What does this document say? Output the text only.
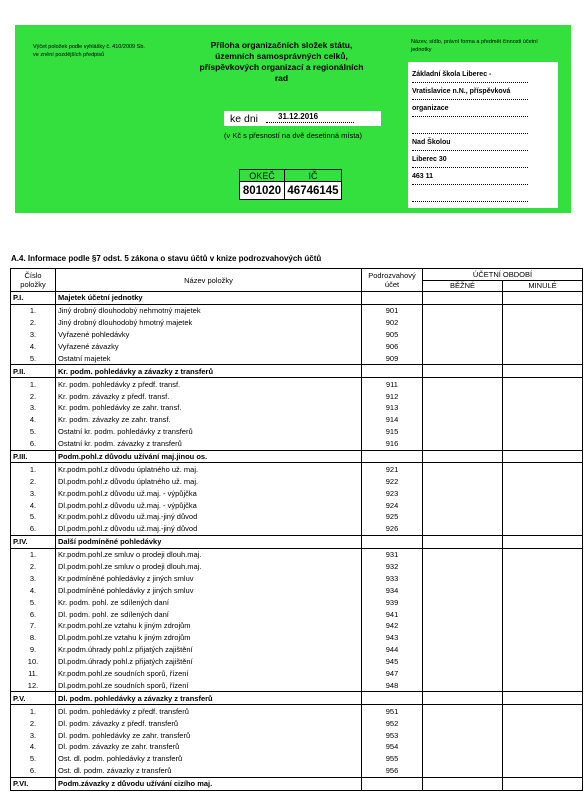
Výčet položek podle vyhlášky č. 410/2009 Sb. ve znění pozdějších předpisů
Příloha organizačních složek státu, územních samosprávných celků, příspěvkových organizací a regionálních rad
ke dni 31.12.2016
(v Kč s přesností na dvě desetinná místa)
OKEČ	IČ
801020	46746145
Název, sídlo, právní forma a předmět činnosti účetní jednotky
Základní škola Liberec -
Vratislavice n.N., příspěvková
organizace
Nad Školou
Liberec 30
463 11
A.4. Informace podle §7 odst. 5 zákona o stavu účtů v knize podrozvahových účtů
Číslo položky	Název položky	Podrozvahový účet	ÚČETNÍ OBDOBÍ	
			BĚŽNÉ	MINULÉ
P.I.	Majetek účetní jednotky			
1.	Jiný drobný dlouhodobý nehmotný majetek	901		
2.	Jiný drobný dlouhodobý hmotný majetek	902		
3.	Vyřazené pohledávky	905		
4.	Vyřazené závazky	906		
5.	Ostatní majetek	909		
P.II.	Kr. podm. pohledávky a závazky z transferů			
1.	Kr. podm. pohledávky z předf. transf.	911		
2.	Kr. podm. závazky z předf. transf.	912		
3.	Kr. podm. pohledávky ze zahr. transf.	913		
4.	Kr. podm. závazky ze zahr. transf.	914		
5.	Ostatní kr. podm. pohledávky z transferů	915		
6.	Ostatní kr. podm. závazky z transferů	916		
P.III.	Podm.pohl.z důvodu užívání maj.jinou os.			
1.	Kr.podm.pohl.z důvodu úplatného už. maj.	921		
2.	Dl.podm.pohl.z důvodu úplatného už. maj.	922		
3.	Kr.podm.pohl.z důvodu už.maj. - výpůjčka	923		
4.	Dl.podm.pohl.z důvodu už.maj. - výpůjčka	924		
5.	Kr.podm.pohl.z důvodu už.maj.-jiný důvod	925		
6.	Dl.podm.pohl.z důvodu už.maj.-jiný důvod	926		
P.IV.	Další podmíněné pohledávky			
1.	Kr.podm.pohl.ze smluv o prodeji dlouh.maj.	931		
2.	Dl.podm.pohl.ze smluv o prodeji dlouh.maj.	932		
3.	Kr.podmíněné pohledávky z jiných smluv	933		
4.	Dl.podmíněné pohledávky z jiných smluv	934		
5.	Kr. podm. pohl. ze sdílených daní	939		
6.	Dl. podm. pohl. ze sdílených daní	941		
7.	Kr.podm.pohl.ze vztahu k jiným zdrojům	942		
8.	Dl.podm.pohl.ze vztahu k jiným zdrojům	943		
9.	Kr.podm.úhrady pohl.z přijatých zajištění	944		
10.	Dl.podm.úhrady pohl.z přijatých zajištění	945		
11.	Kr.podm.pohl.ze soudních sporů, řízení	947		
12.	Dl.podm.pohl.ze soudních sporů, řízení	948		
P.V.	Dl. podm. pohledávky a závazky z transferů			
1.	Dl. podm. pohledávky z předf. transferů	951		
2.	Dl. podm. závazky z předf. transferů	952		
3.	Dl. podm. pohledávky ze zahr. transferů	953		
4.	Dl. podm. závazky ze zahr. transferů	954		
5.	Ost. dl. podm. pohledávky z transferů	955		
6.	Ost. dl. podm. závazky z transferů	956		
P.VI.	Podm.závazky z důvodu užívání cizího maj.			
